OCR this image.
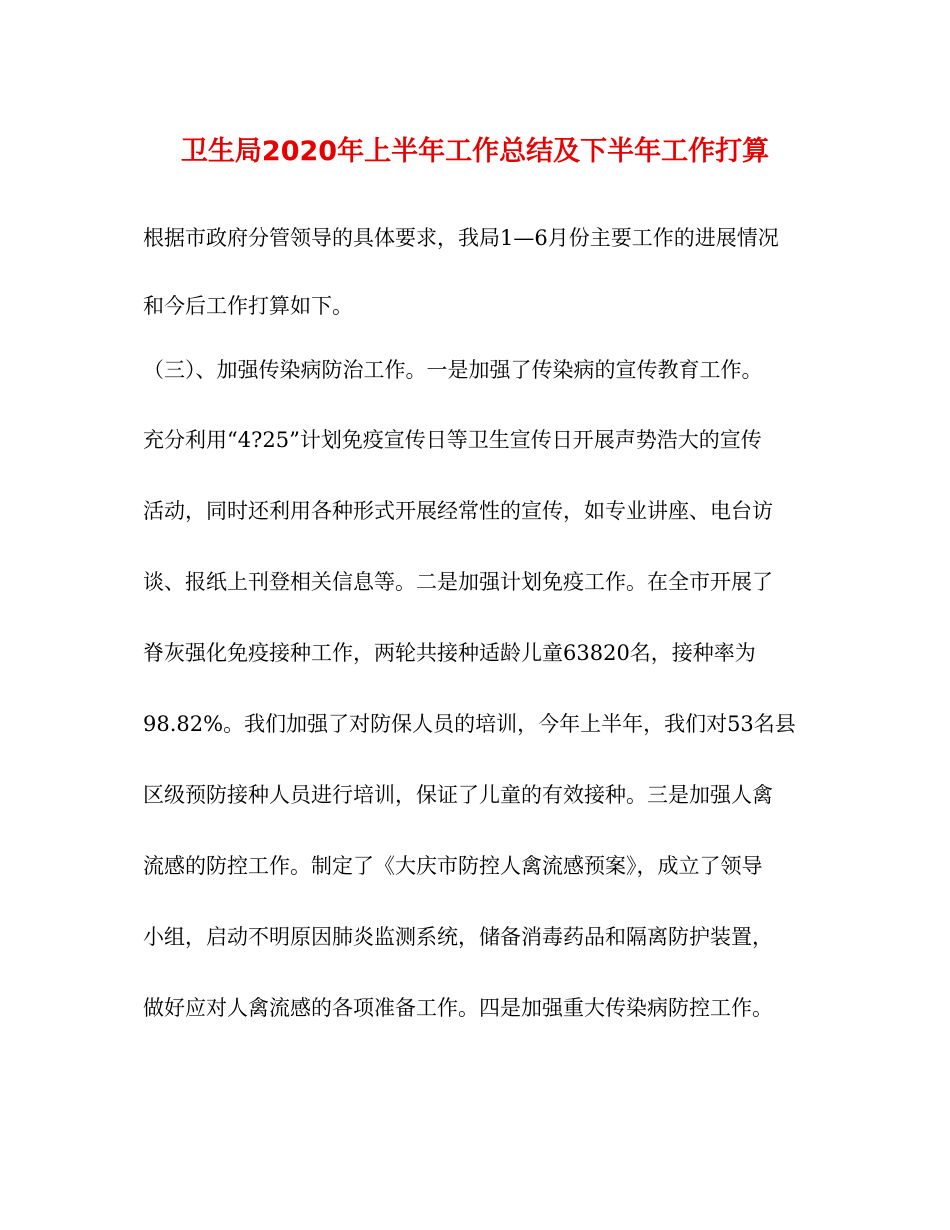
卫生局2020年上半年工作总结及下半年工作打算
根据市政府分管领导的具体要求，我局1—6月份主要工作的进展情况
和今后工作打算如下。
（三）、加强传染病防治工作。一是加强了传染病的宣传教育工作。
充分利用“4?25”计划免疫宣传日等卫生宣传日开展声势浩大的宣传
活动，同时还利用各种形式开展经常性的宣传，如专业讲座、电台访
谈、报纸上刊登相关信息等。二是加强计划免疫工作。在全市开展了
脊灰强化免疫接种工作，两轮共接种适龄儿童63820名，接种率为
98.82%。我们加强了对防保人员的培训，今年上半年，我们对53名县
区级预防接种人员进行培训，保证了儿童的有效接种。三是加强人禽
流感的防控工作。制定了《大庆市防控人禽流感预案》，成立了领导
小组，启动不明原因肺炎监测系统，储备消毒药品和隔离防护装置，
做好应对人禽流感的各项准备工作。四是加强重大传染病防控工作。
